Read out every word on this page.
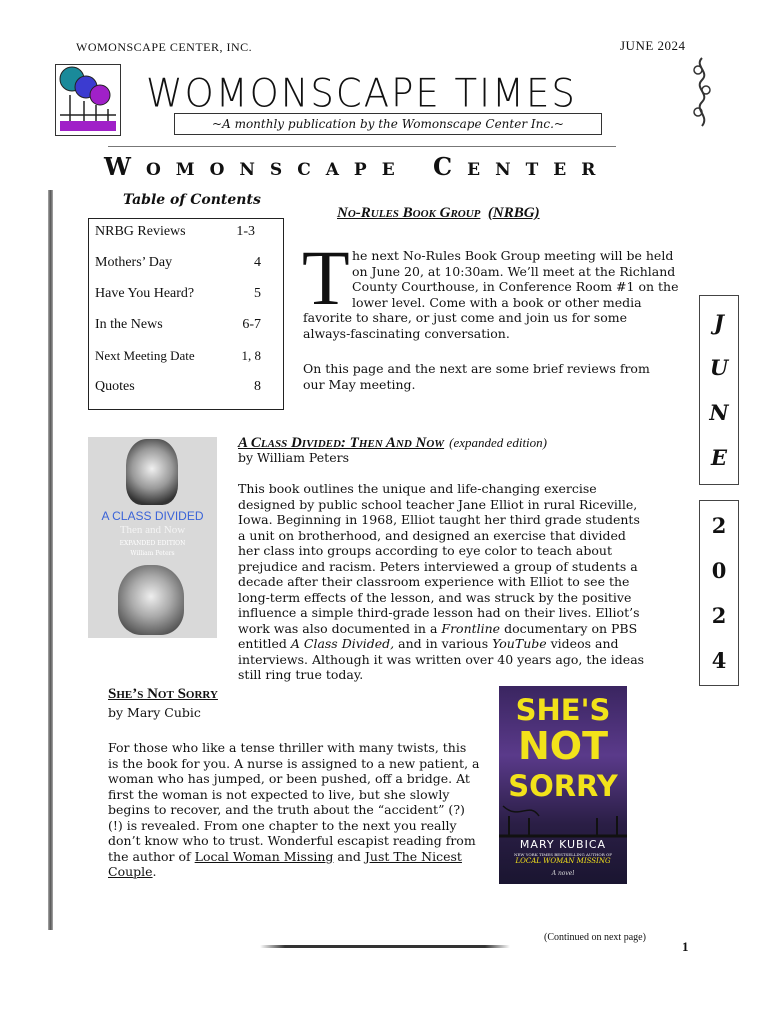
WOMONSCAPE CENTER, INC.	JUNE 2024
WOMONSCAPE TIMES
~A monthly publication by the Womonscape Center Inc.~
Womonscape Center
Table of Contents
NRBG Reviews	1-3
Mothers’ Day	4
Have You Heard?	5
In the News	6-7
Next Meeting Date	1, 8
Quotes	8
No-Rules Book Group (NRBG)
T he next No-Rules Book Group meeting will be held
on June 20, at 10:30am. We’ll meet at the Richland
County Courthouse, in Conference Room #1 on the
lower level. Come with a book or other media
favorite to share, or just come and join us for some always-fascinating conversation.
On this page and the next are some brief reviews from our May meeting.
J
U
N
E
2
0
2
4
A CLASS DIVIDED
Then and Now
EXPANDED EDITION
William Peters
A Class Divided: Then And Now (expanded edition)
by William Peters
This book outlines the unique and life-changing exercise designed by public school teacher Jane Elliot in rural Riceville, Iowa. Beginning in 1968, Elliot taught her third grade students a unit on brotherhood, and designed an exercise that divided her class into groups according to eye color to teach about prejudice and racism. Peters interviewed a group of students a decade after their classroom experience with Elliot to see the long-term effects of the lesson, and was struck by the positive influence a simple third-grade lesson had on their lives. Elliot’s work was also documented in a Frontline documentary on PBS entitled A Class Divided, and in various YouTube videos and interviews. Although it was written over 40 years ago, the ideas still ring true today.
She’s Not Sorry
by Mary Cubic
For those who like a tense thriller with many twists, this is the book for you. A nurse is assigned to a new patient, a woman who has jumped, or been pushed, off a bridge. At first the woman is not expected to live, but she slowly begins to recover, and the truth about the “accident” (?) (!) is revealed. From one chapter to the next you really don’t know who to trust. Wonderful escapist reading from the author of Local Woman Missing and Just The Nicest Couple.
SHE'S
NOT
SORRY
MARY KUBICA
NEW YORK TIMES BESTSELLING AUTHOR OF
LOCAL WOMAN MISSING
A novel
(Continued on next page)
1
